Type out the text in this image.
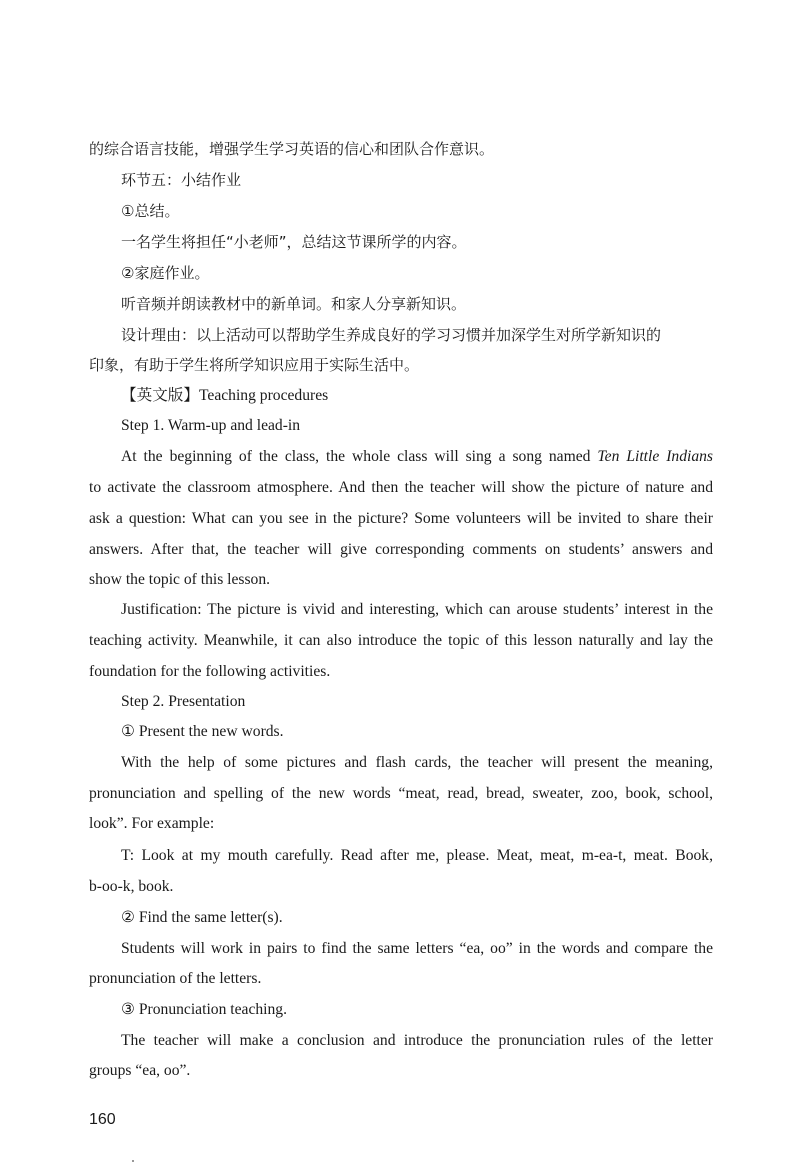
的综合语言技能，增强学生学习英语的信心和团队合作意识。
环节五：小结作业
①总结。
一名学生将担任“小老师”，总结这节课所学的内容。
②家庭作业。
听音频并朗读教材中的新单词。和家人分享新知识。
设计理由：以上活动可以帮助学生养成良好的学习习惯并加深学生对所学新知识的
印象，有助于学生将所学知识应用于实际生活中。
【英文版】Teaching procedures
Step 1. Warm-up and lead-in
At the beginning of the class, the whole class will sing a song named Ten Little Indians
to activate the classroom atmosphere. And then the teacher will show the picture of nature and
ask a question: What can you see in the picture? Some volunteers will be invited to share their
answers. After that, the teacher will give corresponding comments on students’ answers and
show the topic of this lesson.
Justification: The picture is vivid and interesting, which can arouse students’ interest in the
teaching activity. Meanwhile, it can also introduce the topic of this lesson naturally and lay the
foundation for the following activities.
Step 2. Presentation
① Present the new words.
With the help of some pictures and flash cards, the teacher will present the meaning,
pronunciation and spelling of the new words “meat, read, bread, sweater, zoo, book, school,
look”. For example:
T: Look at my mouth carefully. Read after me, please. Meat, meat, m-ea-t, meat. Book,
b-oo-k, book.
② Find the same letter(s).
Students will work in pairs to find the same letters “ea, oo” in the words and compare the
pronunciation of the letters.
③ Pronunciation teaching.
The teacher will make a conclusion and introduce the pronunciation rules of the letter
groups “ea, oo”.
160
